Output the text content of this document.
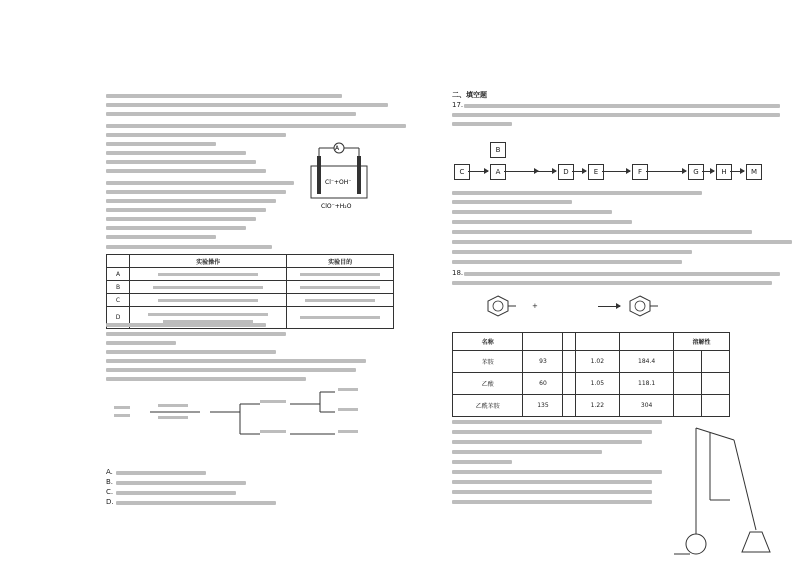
A
Cl⁻+OH⁻
ClO⁻+H₂O
	实验操作	实验目的
A		
B		
C		
D	

A.
B.
C.
D.
二、填空题
17.
C
B
A	D	E	F	G	H	M
18.
+
名称					溶解性	
苯胺	93		1.02	184.4		
乙酸	60		1.05	118.1		
乙酰苯胺	135		1.22	304		
